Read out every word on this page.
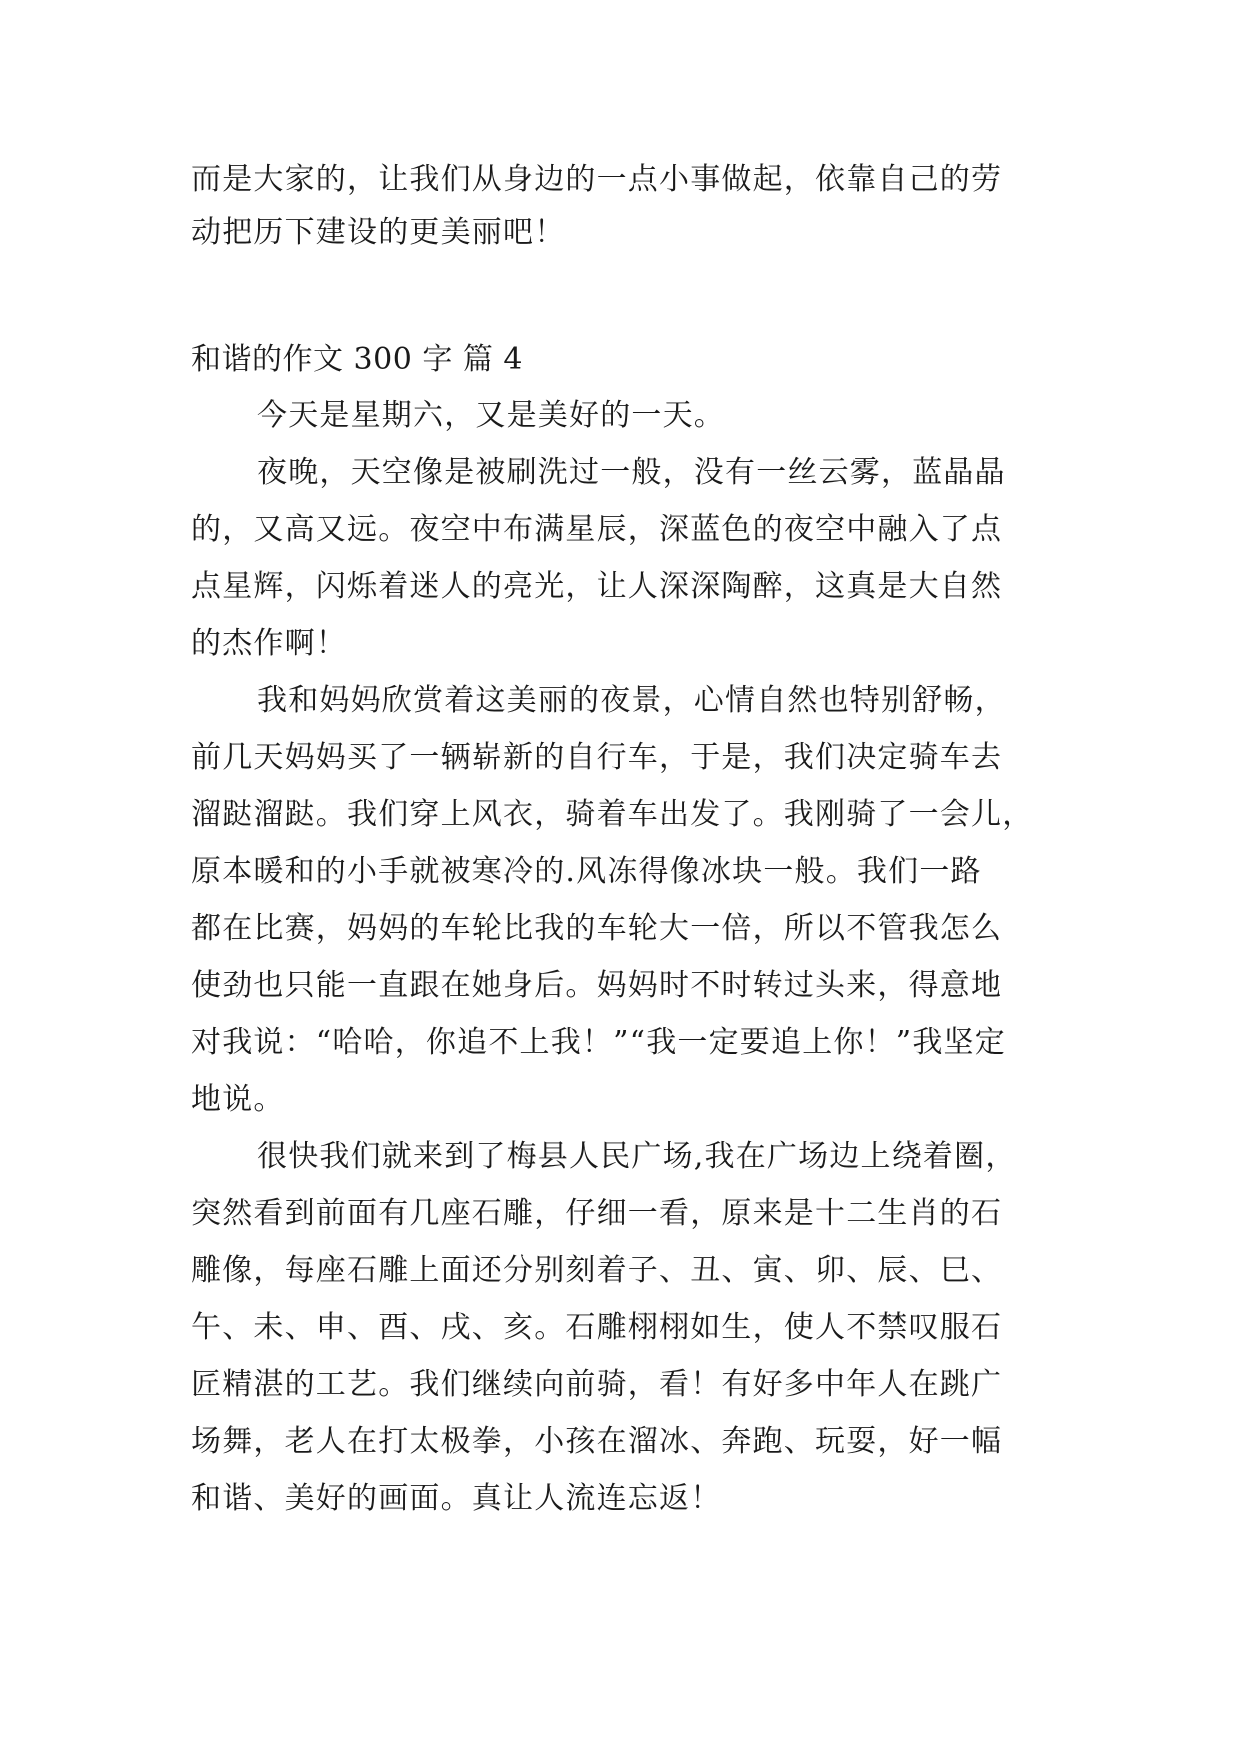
而是大家的，让我们从身边的一点小事做起，依靠自己的劳
动把历下建设的更美丽吧！
和谐的作文 300 字 篇 4
今天是星期六，又是美好的一天。
夜晚，天空像是被刷洗过一般，没有一丝云雾，蓝晶晶
的，又高又远。夜空中布满星辰，深蓝色的夜空中融入了点
点星辉，闪烁着迷人的亮光，让人深深陶醉，这真是大自然
的杰作啊！
我和妈妈欣赏着这美丽的夜景，心情自然也特别舒畅，
前几天妈妈买了一辆崭新的自行车，于是，我们决定骑车去
溜跶溜跶。我们穿上风衣，骑着车出发了。我刚骑了一会儿，
原本暖和的小手就被寒冷的.风冻得像冰块一般。我们一路
都在比赛，妈妈的车轮比我的车轮大一倍，所以不管我怎么
使劲也只能一直跟在她身后。妈妈时不时转过头来，得意地
对我说：“哈哈，你追不上我！”“我一定要追上你！”我坚定
地说。
很快我们就来到了梅县人民广场,我在广场边上绕着圈，
突然看到前面有几座石雕，仔细一看，原来是十二生肖的石
雕像，每座石雕上面还分别刻着子、丑、寅、卯、辰、巳、
午、未、申、酉、戌、亥。石雕栩栩如生，使人不禁叹服石
匠精湛的工艺。我们继续向前骑，看！有好多中年人在跳广
场舞，老人在打太极拳，小孩在溜冰、奔跑、玩耍，好一幅
和谐、美好的画面。真让人流连忘返！
